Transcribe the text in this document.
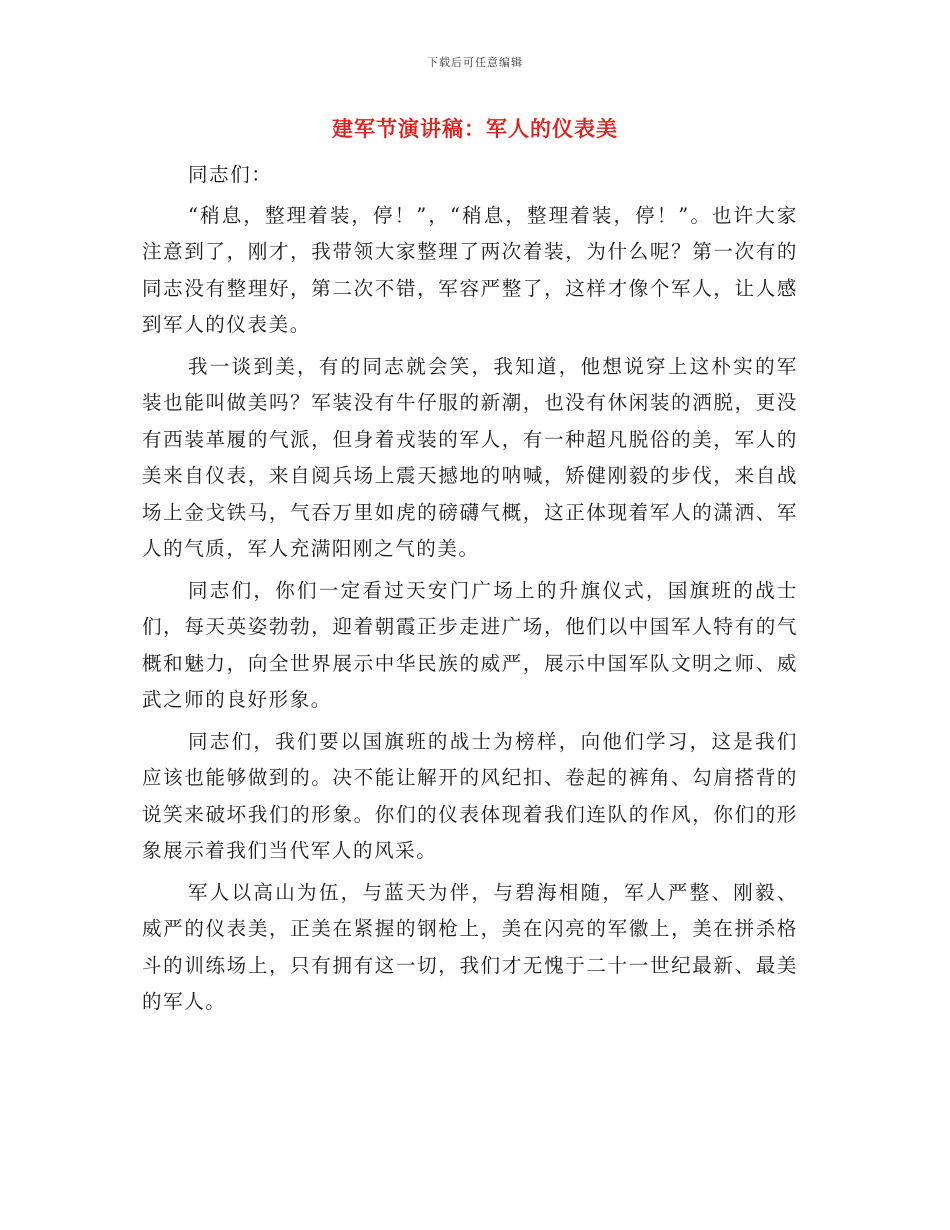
下载后可任意编辑
建军节演讲稿：军人的仪表美

同志们：

“稍息，整理着装，停！”，“稍息，整理着装，停！”。也许大家注意到了，刚才，我带领大家整理了两次着装，为什么呢？第一次有的同志没有整理好，第二次不错，军容严整了，这样才像个军人，让人感到军人的仪表美。

我一谈到美，有的同志就会笑，我知道，他想说穿上这朴实的军装也能叫做美吗？军装没有牛仔服的新潮，也没有休闲装的洒脱，更没有西装革履的气派，但身着戎装的军人，有一种超凡脱俗的美，军人的美来自仪表，来自阅兵场上震天撼地的呐喊，矫健刚毅的步伐，来自战场上金戈铁马，气吞万里如虎的磅礴气概，这正体现着军人的潇洒、军人的气质，军人充满阳刚之气的美。

同志们，你们一定看过天安门广场上的升旗仪式，国旗班的战士们，每天英姿勃勃，迎着朝霞正步走进广场，他们以中国军人特有的气概和魅力，向全世界展示中华民族的威严，展示中国军队文明之师、威武之师的良好形象。

同志们，我们要以国旗班的战士为榜样，向他们学习，这是我们应该也能够做到的。决不能让解开的风纪扣、卷起的裤角、勾肩搭背的说笑来破坏我们的形象。你们的仪表体现着我们连队的作风，你们的形象展示着我们当代军人的风采。

军人以高山为伍，与蓝天为伴，与碧海相随，军人严整、刚毅、威严的仪表美，正美在紧握的钢枪上，美在闪亮的军徽上，美在拼杀格斗的训练场上，只有拥有这一切，我们才无愧于二十一世纪最新、最美的军人。
